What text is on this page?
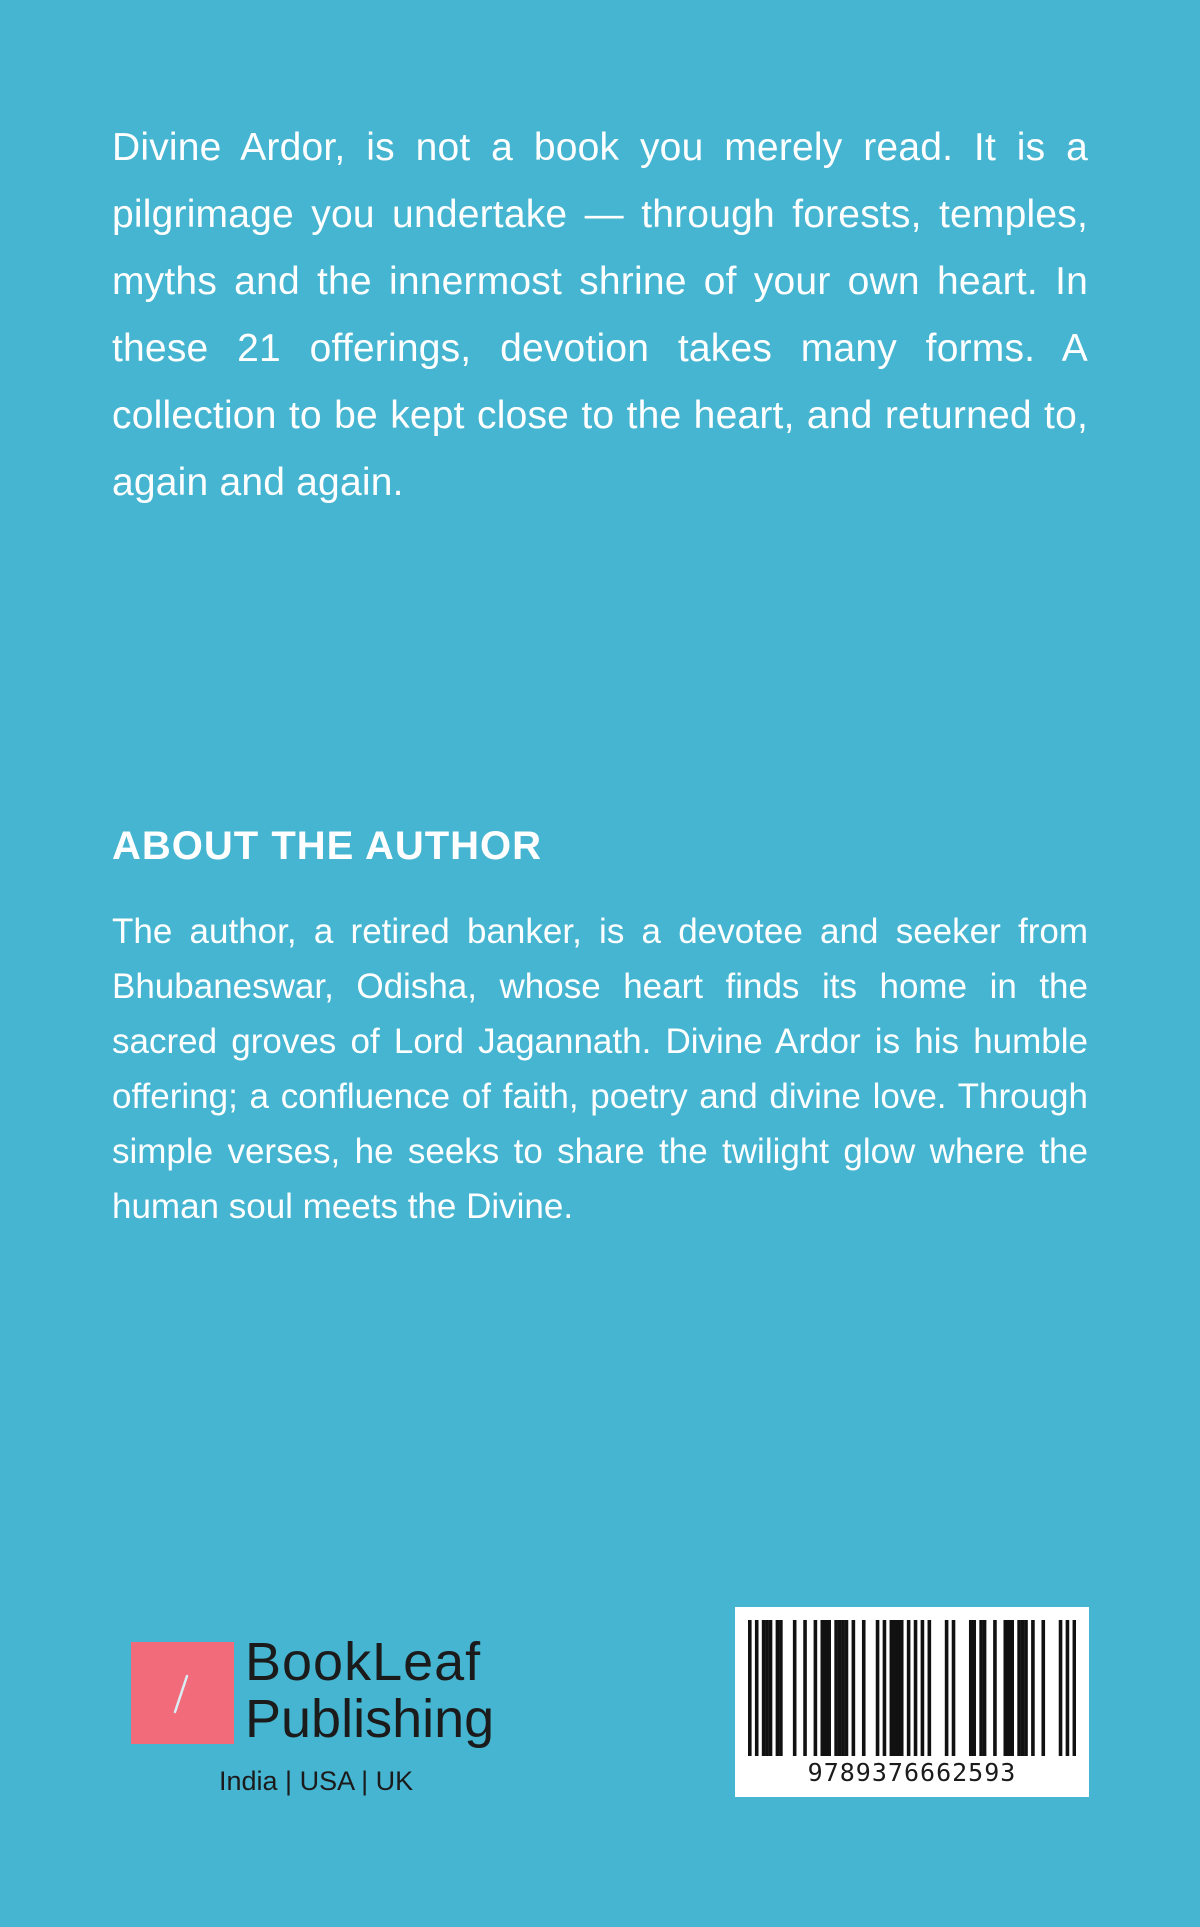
Divine Ardor, is not a book you merely read. It is a pilgrimage you undertake — through forests, temples, myths and the innermost shrine of your own heart. In these 21 offerings, devotion takes many forms. A collection to be kept close to the heart, and returned to, again and again.

ABOUT THE AUTHOR

The author, a retired banker, is a devotee and seeker from Bhubaneswar, Odisha, whose heart finds its home in the sacred groves of Lord Jagannath. Divine Ardor is his humble offering; a confluence of faith, poetry and divine love. Through simple verses, he seeks to share the twilight glow where the human soul meets the Divine.

BookLeaf
Publishing
India | USA | UK	9789376662593
